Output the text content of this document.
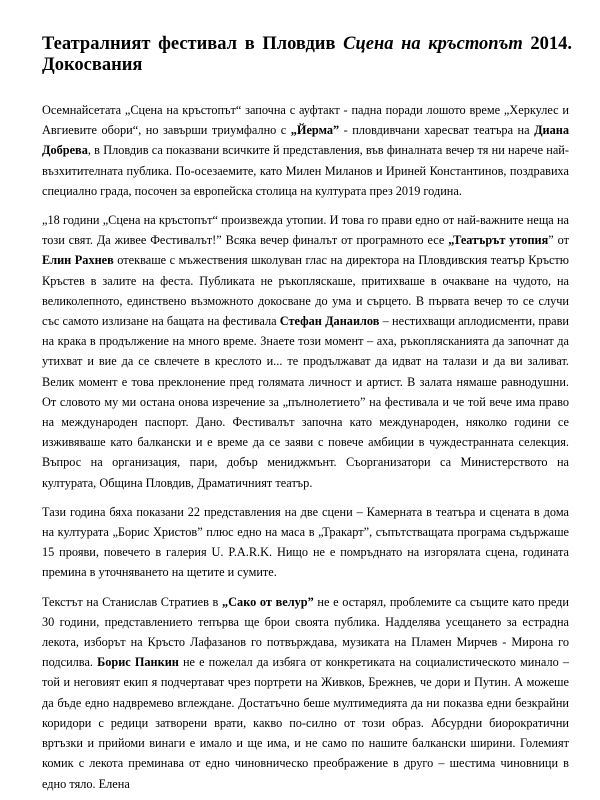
Театралният фестивал в Пловдив Сцена на кръстопът 2014. Докосвания

Осемнайсетата „Сцена на кръстопът“ започна с ауфтакт - падна поради лошото време „Херкулес и Авгиевите обори“, но завърши триумфално с „Йерма” - пловдивчани харесват театъра на Диана Добрева, в Пловдив са показвани всичките й представления, във финалната вечер тя ни нарече най-възхитителната публика. По-осезаемите, като Милен Миланов и Ириней Константинов, поздравиха специално града, посочен за европейска столица на културата през 2019 година.

„18 години „Сцена на кръстопът“ произвежда утопии. И това го прави едно от най-важните неща на този свят. Да живее Фестивалът!” Всяка вечер финалът от програмното есе „Театърът утопия” от Елин Рахнев отекваше с мъжествения школуван глас на директора на Пловдивския театър Кръстю Кръстев в залите на феста. Публиката не ръкопляскаше, притихваше в очакване на чудото, на великолепното, единствено възможното докосване до ума и сърцето. В първата вечер то се случи със самото излизане на бащата на фестивала Стефан Данаилов – нестихващи аплодисменти, прави на крака в продължение на много време. Знаете този момент – аха, ръкоплясканията да започнат да утихват и вие да се свлечете в креслото и... те продължават да идват на талази и да ви заливат. Велик момент е това преклонение пред голямата личност и артист. В залата нямаше равнодушни. От словото му ми остана онова изречение за „пълнолетието” на фестивала и че той вече има право на международен паспорт. Дано. Фестивалът започна като международен, няколко години се изживяваше като балкански и е време да се заяви с повече амбиции в чуждестранната селекция. Въпрос на организация, пари, добър мениджмънт. Съорганизатори са Министерството на културата, Община Пловдив, Драматичният театър.

Тази година бяха показани 22 представления на две сцени – Камерната в театъра и сцената в дома на културата „Борис Христов” плюс едно на маса в „Тракарт”, съпътстващата програма съдържаше 15 прояви, повечето в галерия U. P.A.R.K. Нищо не е помръднато на изгорялата сцена, годината премина в уточняването на щетите и сумите.

Текстът на Станислав Стратиев в „Сако от велур” не е остарял, проблемите са същите като преди 30 години, представлението тепърва ще брои своята публика. Надделява усещането за естрадна лекота, изборът на Кръсто Лафазанов го потвърждава, музиката на Пламен Мирчев - Мирона го подсилва. Борис Панкин не е пожелал да избяга от конкретиката на социалистическото минало – той и неговият екип я подчертават чрез портрети на Живков, Брежнев, че дори и Путин. А можеше да бъде едно надвремево вглеждане. Достатъчно беше мултимедията да ни показва едни безкрайни коридори с редици затворени врати, какво по-силно от този образ. Абсурдни биорократични вртъзки и прийоми винаги е имало и ще има, и не само по нашите балкански ширини. Големият комик с лекота преминава от едно чиновническо преображение в друго – шестима чиновници в едно тяло. Елена
